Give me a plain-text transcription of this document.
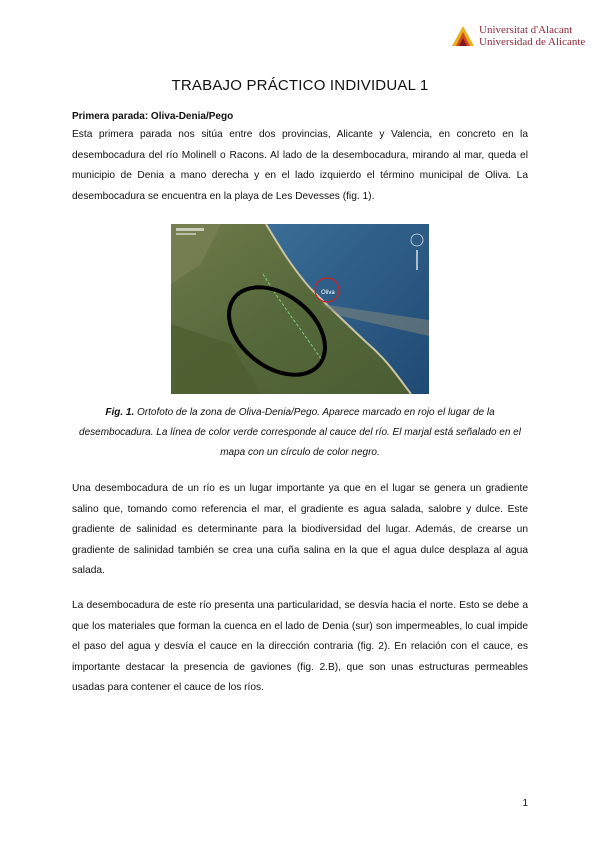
Universitat d'Alacant
Universidad de Alicante
TRABAJO PRÁCTICO INDIVIDUAL 1
Primera parada: Oliva-Denia/Pego
Esta primera parada nos sitúa entre dos provincias, Alicante y Valencia, en concreto en la desembocadura del río Molinell o Racons. Al lado de la desembocadura, mirando al mar, queda el municipio de Denia a mano derecha y en el lado izquierdo el término municipal de Oliva. La desembocadura se encuentra en la playa de Les Devesses (fig. 1).
Oliva
Fig. 1. Ortofoto de la zona de Oliva-Denia/Pego. Aparece marcado en rojo el lugar de la desembocadura. La línea de color verde corresponde al cauce del río. El marjal está señalado en el mapa con un círculo de color negro.
Una desembocadura de un río es un lugar importante ya que en el lugar se genera un gradiente salino que, tomando como referencia el mar, el gradiente es agua salada, salobre y dulce. Este gradiente de salinidad es determinante para la biodiversidad del lugar. Además, de crearse un gradiente de salinidad también se crea una cuña salina en la que el agua dulce desplaza al agua salada.
La desembocadura de este río presenta una particularidad, se desvía hacia el norte. Esto se debe a que los materiales que forman la cuenca en el lado de Denia (sur) son impermeables, lo cual impide el paso del agua y desvía el cauce en la dirección contraria (fig. 2). En relación con el cauce, es importante destacar la presencia de gaviones (fig. 2.B), que son unas estructuras permeables usadas para contener el cauce de los ríos.
1
